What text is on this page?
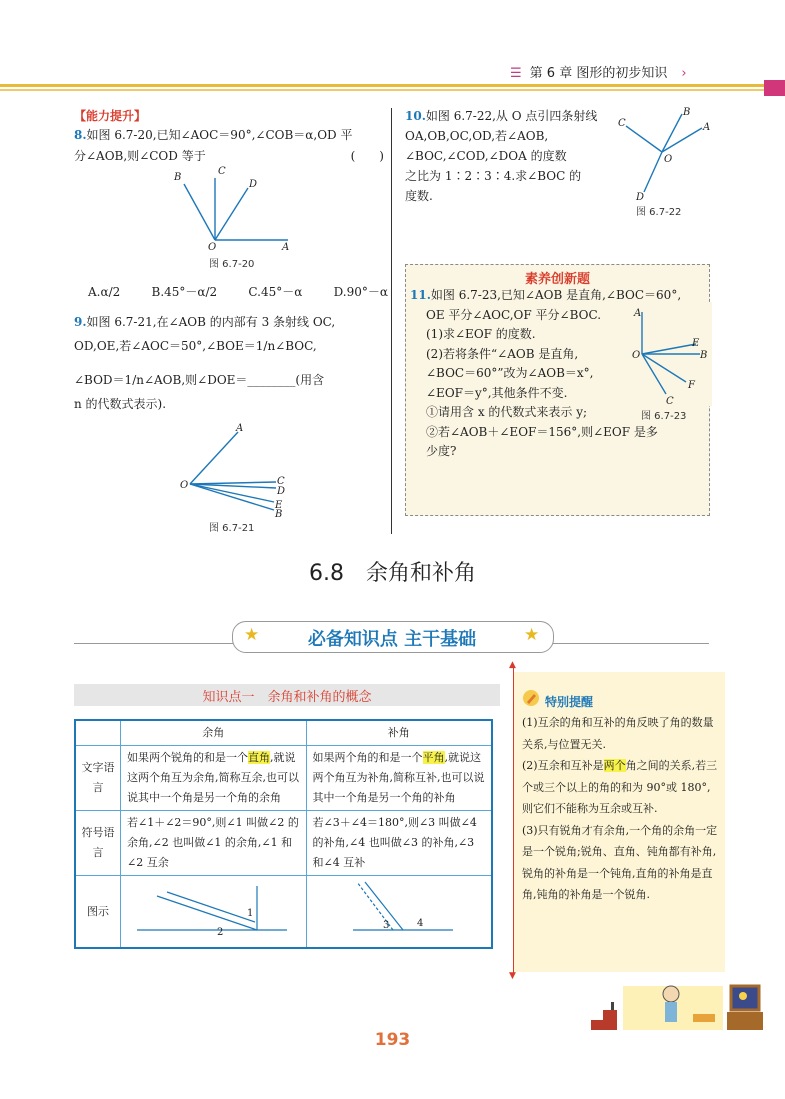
☰ 第 6 章 图形的初步知识 ›
【能力提升】
8.如图 6.7-20,已知∠AOC＝90°,∠COB＝α,OD 平
分∠AOB,则∠COD 等于	(　　)
B
C
D
O	A
图 6.7-20
A.α/2	B.45°－α/2	C.45°－α	D.90°－α
9.如图 6.7-21,在∠AOB 的内部有 3 条射线 OC,
OD,OE,若∠AOC＝50°,∠BOE＝1/n∠BOC,
∠BOD＝1/n∠AOB,则∠DOE＝________(用含
n 的代数式表示).
A
O	C
D
E
B
图 6.7-21
10.如图 6.7-22,从 O 点引四条射线
OA,OB,OC,OD,若∠AOB,
∠BOC,∠COD,∠DOA 的度数
之比为 1∶2∶3∶4.求∠BOC 的
度数.
B
A
C
O
D
图 6.7-22
素养创新题
11.如图 6.7-23,已知∠AOB 是直角,∠BOC＝60°,
OE 平分∠AOC,OF 平分∠BOC.
(1)求∠EOF 的度数.
(2)若将条件“∠AOB 是直角,
∠BOC＝60°”改为∠AOB＝x°,
∠EOF＝y°,其他条件不变.
①请用含 x 的代数式来表示 y;
②若∠AOB＋∠EOF＝156°,则∠EOF 是多
少度?
A
O
E
B
F
C
图 6.7-23
6.8　余角和补角
★	★
必备知识点 主干基础
知识点一　余角和补角的概念
	余角	补角
文字语言	如果两个锐角的和是一个直角,就说这两个角互为余角,简称互余,也可以说其中一个角是另一个角的余角	如果两个角的和是一个平角,就说这两个角互为补角,简称互补,也可以说其中一个角是另一个角的补角
符号语言	若∠1＋∠2＝90°,则∠1 叫做∠2 的余角,∠2 也叫做∠1 的余角,∠1 和∠2 互余	若∠3＋∠4＝180°,则∠3 叫做∠4 的补角,∠4 也叫做∠3 的补角,∠3 和∠4 互补
图示	1
2	3 4
▲
▼
特别提醒
(1)互余的角和互补的角反映了角的数量关系,与位置无关.
(2)互余和互补是两个角之间的关系,若三个或三个以上的角的和为 90°或 180°,则它们不能称为互余或互补.
(3)只有锐角才有余角,一个角的余角一定是一个锐角;锐角、直角、钝角都有补角,锐角的补角是一个钝角,直角的补角是直角,钝角的补角是一个锐角.
193
